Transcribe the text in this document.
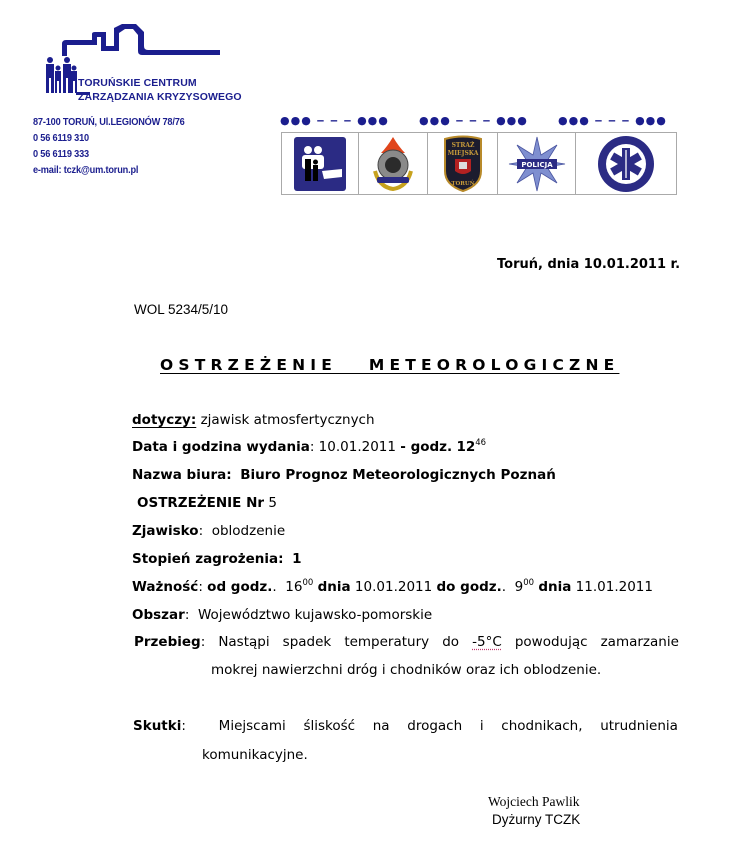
TORUŃSKIE CENTRUM
ZARZĄDZANIA KRYZYSOWEGO
87-100 TORUŃ, Ul.LEGIONÓW 78/76
0 56 6119 310
0 56 6119 333
e-mail: tczk@um.torun.pl
●●● ‒ ‒ ‒ ●●●	●●● ‒ ‒ ‒ ●●●	●●● ‒ ‒ ‒ ●●●
STRAŻ
MIEJSKA
TORUŃ
POLICJA
Toruń, dnia 10.01.2011 r.
WOL 5234/5/10
OSTRZEŻENIE   METEOROLOGICZNE
dotyczy: zjawisk atmosfertycznych
Data i godzina wydania: 10.01.2011 - godz. $12^{46}$
Nazwa biura: Biuro Prognoz Meteorologicznych Poznań
OSTRZEŻENIE Nr 5
Zjawisko: oblodzenie
Stopień zagrożenia: 1
Ważność: od godz.. $16^{00}$ dnia 10.01.2011 do godz.. $9^{00}$ dnia 11.01.2011
Obszar: Województwo kujawsko-pomorskie
Przebieg: Nastąpi spadek temperatury do -5°C powodując zamarzanie
mokrej nawierzchni dróg i chodników oraz ich oblodzenie.
Skutki:	Miejscami śliskość na drogach i chodnikach, utrudnienia
komunikacyjne.
Wojciech Pawlik
Dyżurny TCZK
